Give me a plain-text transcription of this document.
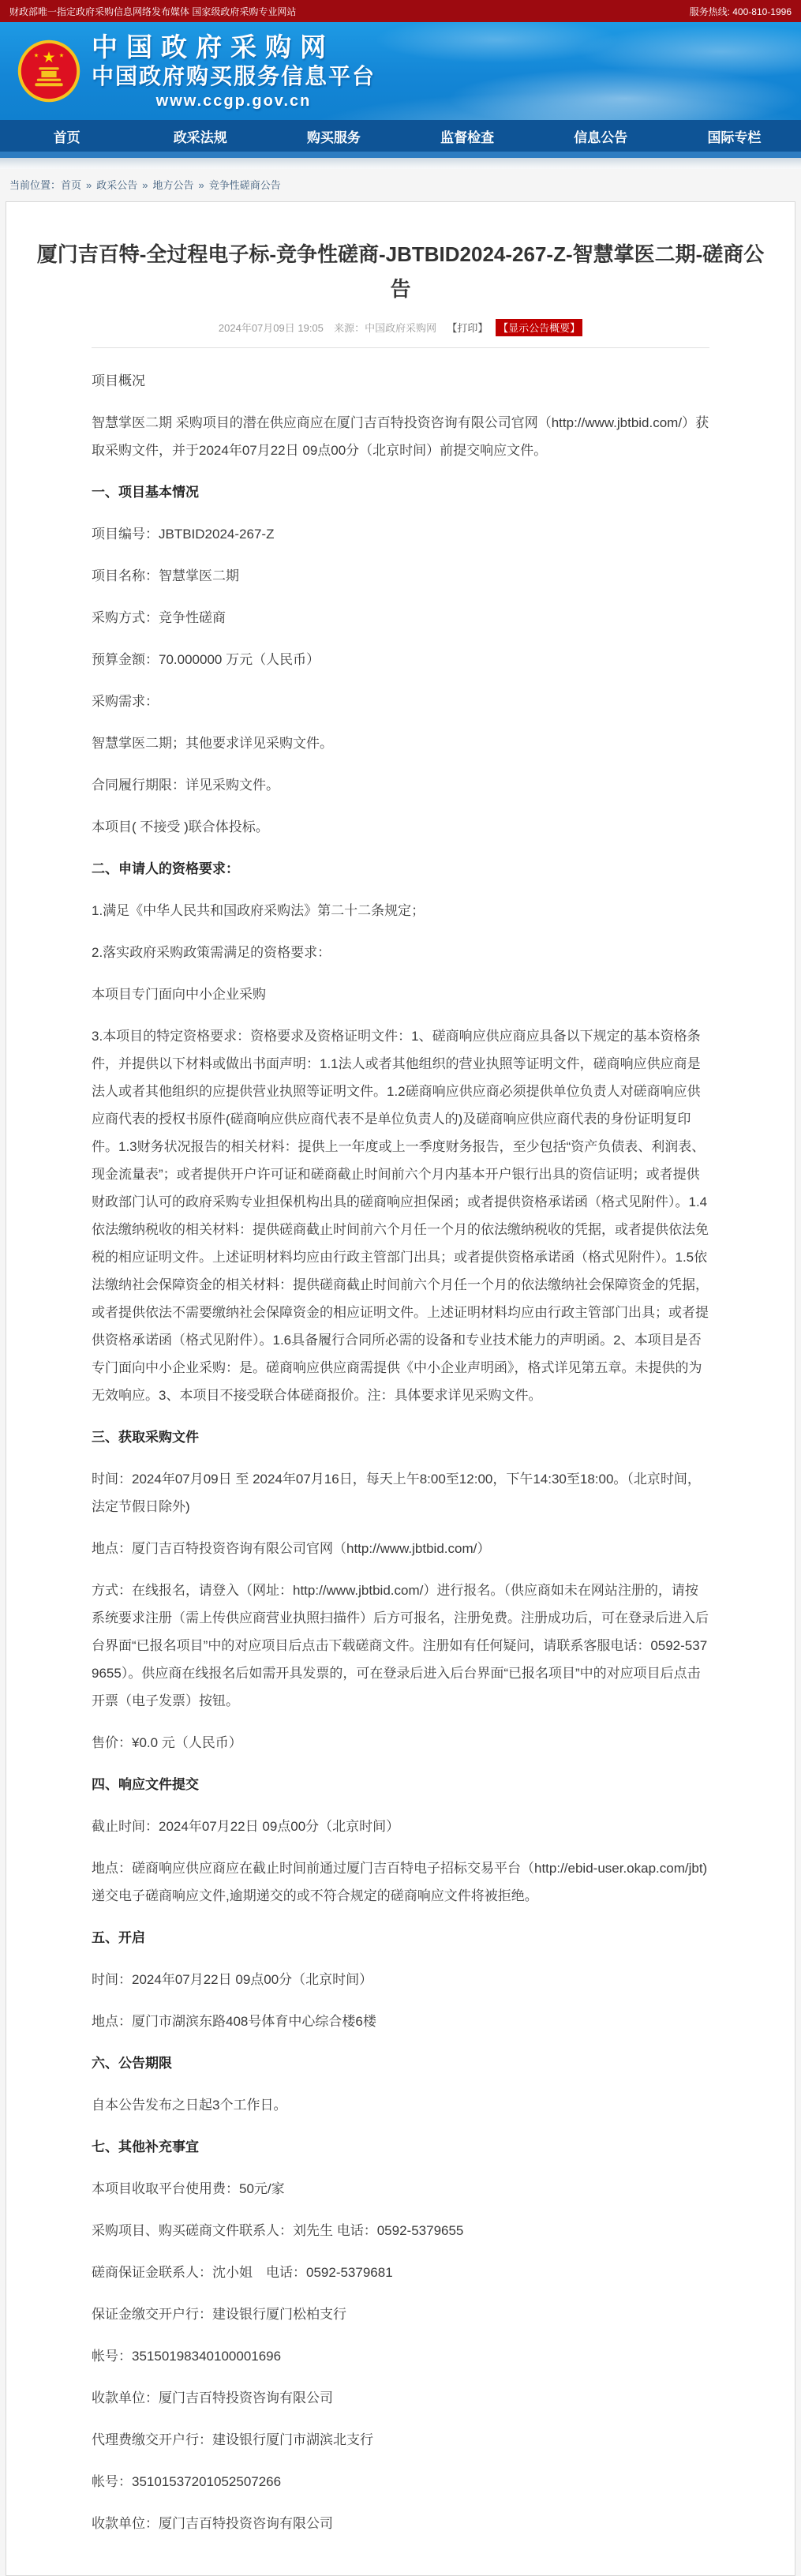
财政部唯一指定政府采购信息网络发布媒体 国家级政府采购专业网站	服务热线: 400-810-1996
★
★	★ 中国政府采购网
中国政府购买服务信息平台
www.ccgp.gov.cn
首页	政采法规	购买服务	监督检查	信息公告	国际专栏
当前位置：首页 » 政采公告 » 地方公告 » 竞争性磋商公告
厦门吉百特-全过程电子标-竞争性磋商-JBTBID2024-267-Z-智慧掌医二期-磋商公告
2024年07月09日 19:05 来源：中国政府采购网 【打印】 【显示公告概要】

项目概况

智慧掌医二期 采购项目的潜在供应商应在厦门吉百特投资咨询有限公司官网（http://www.jbtbid.com/）获取采购文件，并于2024年07月22日 09点00分（北京时间）前提交响应文件。

一、项目基本情况

项目编号：JBTBID2024-267-Z

项目名称：智慧掌医二期

采购方式：竞争性磋商

预算金额：70.000000 万元（人民币）

采购需求：

智慧掌医二期；其他要求详见采购文件。

合同履行期限：详见采购文件。

本项目( 不接受 )联合体投标。

二、申请人的资格要求：

1.满足《中华人民共和国政府采购法》第二十二条规定；

2.落实政府采购政策需满足的资格要求：

本项目专门面向中小企业采购

3.本项目的特定资格要求：资格要求及资格证明文件：1、磋商响应供应商应具备以下规定的基本资格条件，并提供以下材料或做出书面声明：1.1法人或者其他组织的营业执照等证明文件，磋商响应供应商是法人或者其他组织的应提供营业执照等证明文件。1.2磋商响应供应商必须提供单位负责人对磋商响应供应商代表的授权书原件(磋商响应供应商代表不是单位负责人的)及磋商响应供应商代表的身份证明复印件。1.3财务状况报告的相关材料：提供上一年度或上一季度财务报告，至少包括“资产负债表、利润表、现金流量表”；或者提供开户许可证和磋商截止时间前六个月内基本开户银行出具的资信证明；或者提供财政部门认可的政府采购专业担保机构出具的磋商响应担保函；或者提供资格承诺函（格式见附件）。1.4依法缴纳税收的相关材料：提供磋商截止时间前六个月任一个月的依法缴纳税收的凭据，或者提供依法免税的相应证明文件。上述证明材料均应由行政主管部门出具；或者提供资格承诺函（格式见附件）。1.5依法缴纳社会保障资金的相关材料：提供磋商截止时间前六个月任一个月的依法缴纳社会保障资金的凭据，或者提供依法不需要缴纳社会保障资金的相应证明文件。上述证明材料均应由行政主管部门出具；或者提供资格承诺函（格式见附件）。1.6具备履行合同所必需的设备和专业技术能力的声明函。2、本项目是否专门面向中小企业采购：是。磋商响应供应商需提供《中小企业声明函》，格式详见第五章。未提供的为无效响应。3、本项目不接受联合体磋商报价。注：具体要求详见采购文件。

三、获取采购文件

时间：2024年07月09日 至 2024年07月16日，每天上午8:00至12:00，下午14:30至18:00。（北京时间，法定节假日除外)

地点：厦门吉百特投资咨询有限公司官网（http://www.jbtbid.com/）

方式：在线报名，请登入（网址：http://www.jbtbid.com/）进行报名。（供应商如未在网站注册的，请按系统要求注册（需上传供应商营业执照扫描件）后方可报名，注册免费。注册成功后，可在登录后进入后台界面“已报名项目”中的对应项目后点击下载磋商文件。注册如有任何疑问，请联系客服电话：0592-5379655）。供应商在线报名后如需开具发票的，可在登录后进入后台界面“已报名项目”中的对应项目后点击开票（电子发票）按钮。

售价：¥0.0 元（人民币）

四、响应文件提交

截止时间：2024年07月22日 09点00分（北京时间）

地点：磋商响应供应商应在截止时间前通过厦门吉百特电子招标交易平台（http://ebid-user.okap.com/jbt)递交电子磋商响应文件,逾期递交的或不符合规定的磋商响应文件将被拒绝。

五、开启

时间：2024年07月22日 09点00分（北京时间）

地点：厦门市湖滨东路408号体育中心综合楼6楼

六、公告期限

自本公告发布之日起3个工作日。

七、其他补充事宜

本项目收取平台使用费：50元/家

采购项目、购买磋商文件联系人：刘先生 电话：0592-5379655

磋商保证金联系人：沈小姐　电话：0592-5379681

保证金缴交开户行：建设银行厦门松柏支行

帐号：35150198340100001696

收款单位：厦门吉百特投资咨询有限公司

代理费缴交开户行：建设银行厦门市湖滨北支行

帐号：35101537201052507266

收款单位：厦门吉百特投资咨询有限公司
